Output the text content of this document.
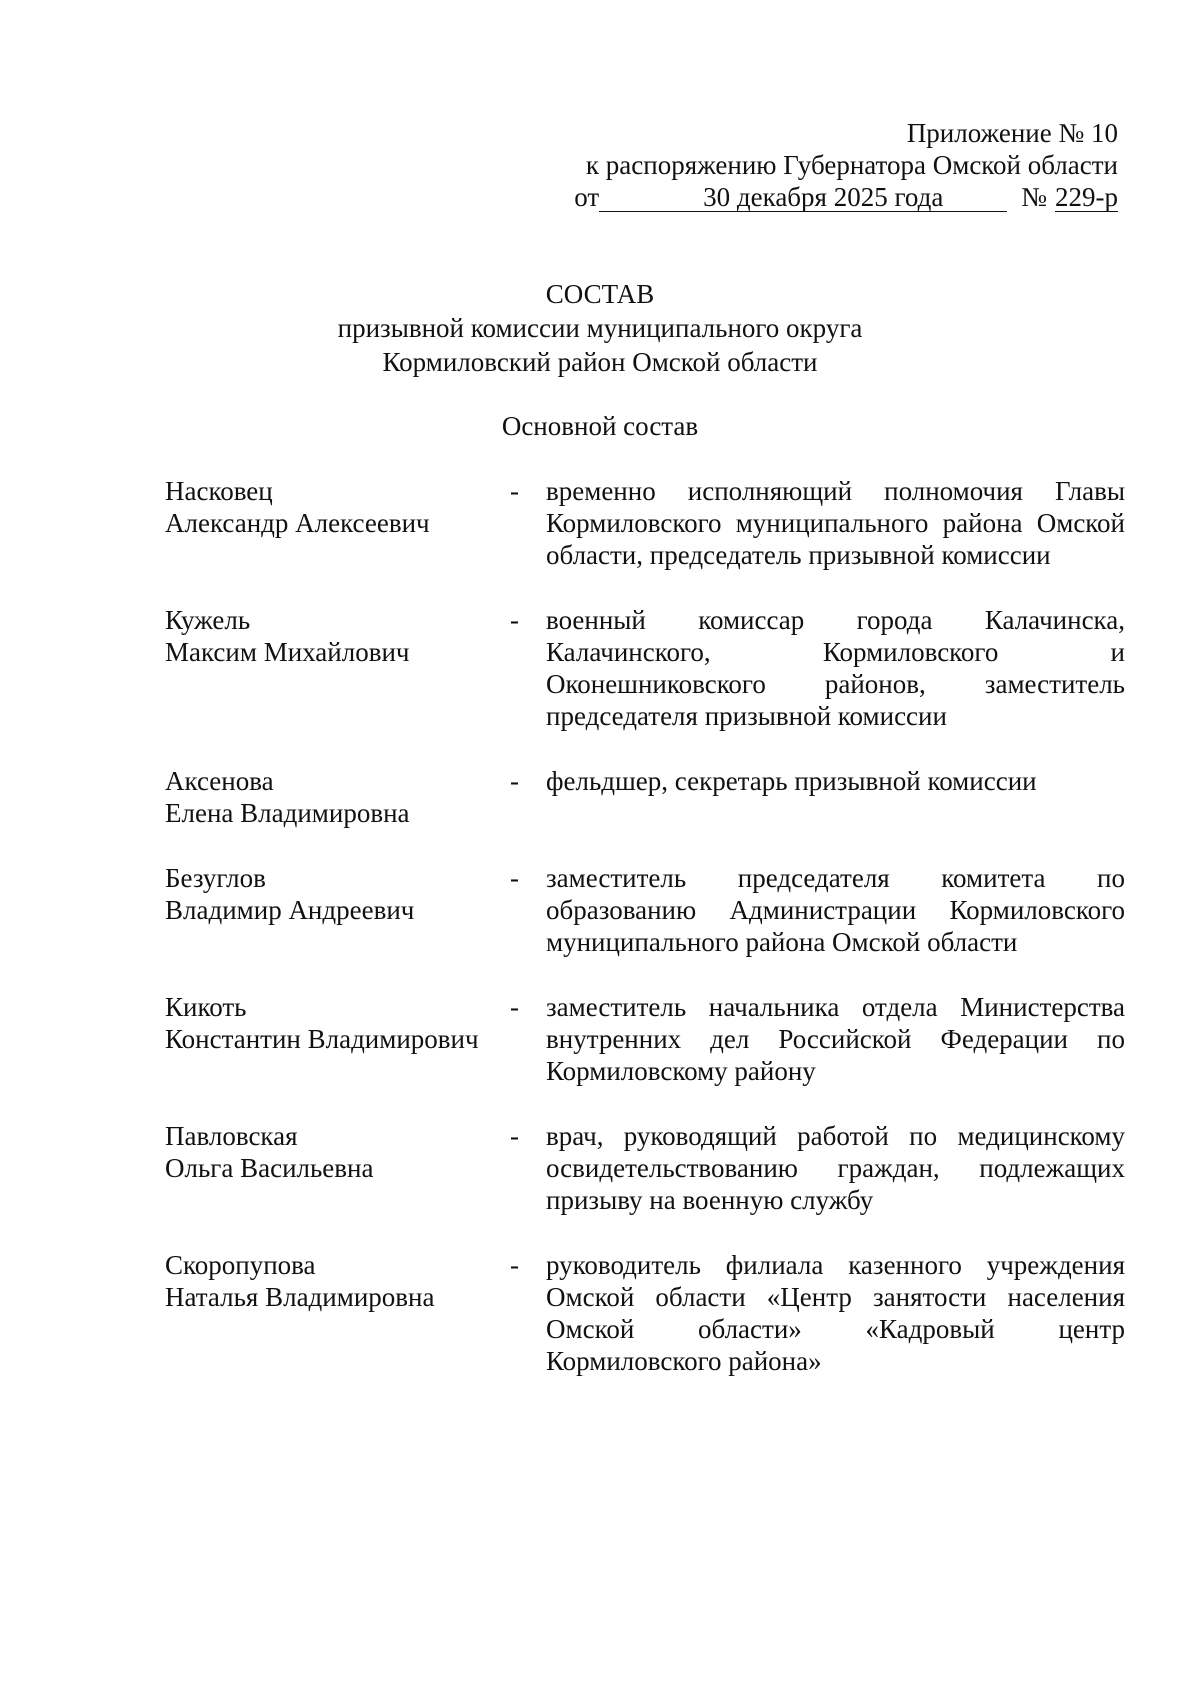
Приложение № 10
к распоряжению Губернатора Омской области
от	30 декабря 2025 года	№ 229-р
СОСТАВ
призывной комиссии муниципального округа
Кормиловский район Омской области
Основной состав
Насковец
Александр Алексеевич
-	временно исполняющий полномочия Главы Кормиловского муниципального района Омской области, председатель призывной комиссии
Кужель
Максим Михайлович
-	военный комиссар города Калачинска, Калачинского, Кормиловского и Оконешниковского районов, заместитель председателя призывной комиссии
Аксенова
Елена Владимировна
-	фельдшер, секретарь призывной комиссии
Безуглов
Владимир Андреевич
-	заместитель председателя комитета по образованию Администрации Кормиловского муниципального района Омской области
Кикоть
Константин Владимирович
-	заместитель начальника отдела Министерства внутренних дел Российской Федерации по Кормиловскому району
Павловская
Ольга Васильевна
-	врач, руководящий работой по медицинскому освидетельствованию граждан, подлежащих призыву на военную службу
Скоропупова
Наталья Владимировна
-	руководитель филиала казенного учреждения Омской области «Центр занятости населения Омской области» «Кадровый центр Кормиловского района»
